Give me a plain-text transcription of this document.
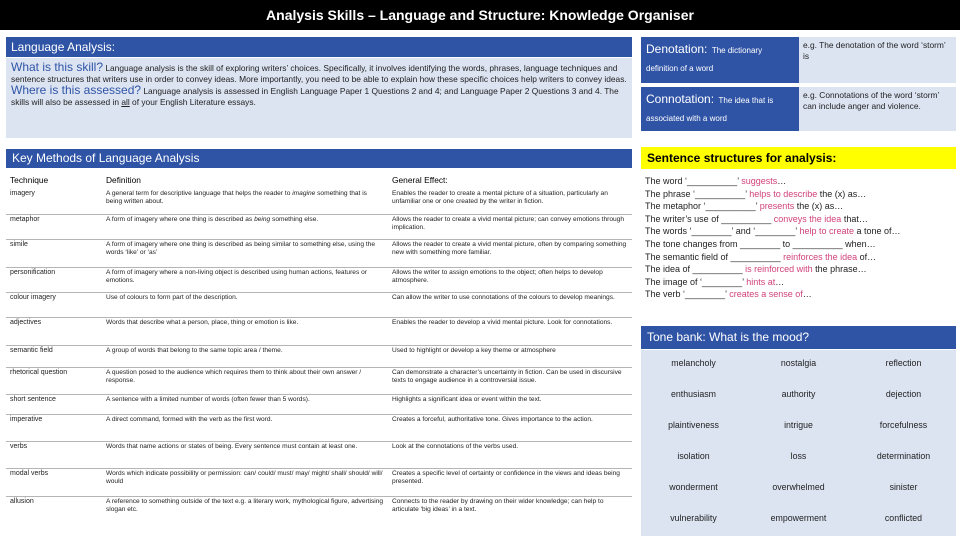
Analysis Skills – Language and Structure: Knowledge Organiser
Language Analysis:
What is this skill? Language analysis is the skill of exploring writers’ choices. Specifically, it involves identifying the words, phrases, language techniques and sentence structures that writers use in order to convey ideas. More importantly, you need to be able to explain how these specific choices help writers to convey ideas.
Where is this assessed? Language analysis is assessed in English Language Paper 1 Questions 2 and 4; and Language Paper 2 Questions 3 and 4. The skills will also be assessed in all of your English Literature essays.
Denotation: The dictionary definition of a word
e.g. The denotation of the word ‘storm’ is
Connotation: The idea that is associated with a word
e.g. Connotations of the word ‘storm’ can include anger and violence.
Key Methods of Language Analysis
Technique	Definition	General Effect:
imagery	A general term for descriptive language that helps the reader to imagine something that is being written about.	Enables the reader to create a mental picture of a situation, particularly an unfamiliar one or one created by the writer in fiction.
metaphor	A form of imagery where one thing is described as being something else.	Allows the reader to create a vivid mental picture; can convey emotions through implication.
simile	A form of imagery where one thing is described as being similar to something else, using the words ‘like’ or ‘as’	Allows the reader to create a vivid mental picture, often by comparing something new with something more familiar.
personification	A form of imagery where a non-living object is described using human actions, features or emotions.	Allows the writer to assign emotions to the object; often helps to develop atmosphere.
colour imagery	Use of colours to form part of the description.	Can allow the writer to use connotations of the colours to develop meanings.
adjectives	Words that describe what a person, place, thing or emotion is like.	Enables the reader to develop a vivid mental picture. Look for connotations.
semantic field	A group of words that belong to the same topic area / theme.	Used to highlight or develop a key theme or atmosphere
rhetorical question	A question posed to the audience which requires them to think about their own answer / response.	Can demonstrate a character’s uncertainty in fiction. Can be used in discursive texts to engage audience in a controversial issue.
short sentence	A sentence with a limited number of words (often fewer than 5 words).	Highlights a significant idea or event within the text.
imperative	A direct command, formed with the verb as the first word.	Creates a forceful, authoritative tone. Gives importance to the action.
verbs	Words that name actions or states of being. Every sentence must contain at least one.	Look at the connotations of the verbs used.
modal verbs	Words which indicate possibility or permission: can/ could/ must/ may/ might/ shall/ should/ will/ would	Creates a specific level of certainty or confidence in the views and ideas being presented.
allusion	A reference to something outside of the text e.g. a literary work, mythological figure, advertising slogan etc.	Connects to the reader by drawing on their wider knowledge; can help to articulate ‘big ideas’ in a text.
Sentence structures for analysis:
The word ‘__________’ suggests…
The phrase ‘__________’ helps to describe the (x) as…
The metaphor ‘__________’ presents the (x) as…
The writer’s use of __________ conveys the idea that…
The words ‘________’ and ‘________’ help to create a tone of…
The tone changes from ________ to __________ when…
The semantic field of __________ reinforces the idea of…
The idea of __________ is reinforced with the phrase…
The image of ‘________’ hints at…
The verb ‘________’ creates a sense of…
Tone bank: What is the mood?
melancholy	nostalgia	reflection
enthusiasm	authority	dejection
plaintiveness	intrigue	forcefulness
isolation	loss	determination
wonderment	overwhelmed	sinister
vulnerability	empowerment	conflicted
